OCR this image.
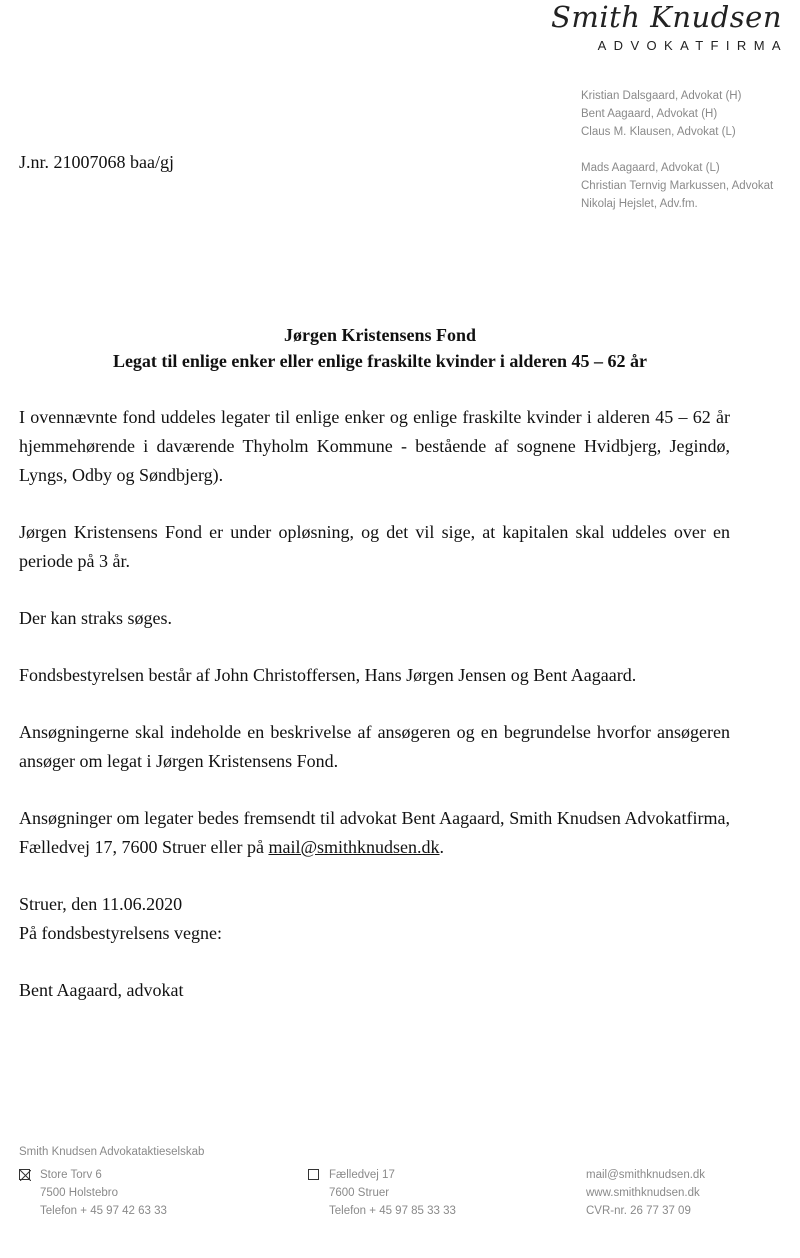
Smith Knudsen
ADVOKATFIRMA
Kristian Dalsgaard, Advokat (H)
Bent Aagaard, Advokat (H)
Claus M. Klausen, Advokat (L)
Mads Aagaard, Advokat (L)
Christian Ternvig Markussen, Advokat
Nikolaj Hejslet, Adv.fm.
J.nr. 21007068 baa/gj
Jørgen Kristensens Fond
Legat til enlige enker eller enlige fraskilte kvinder i alderen 45 – 62 år

I ovennævnte fond uddeles legater til enlige enker og enlige fraskilte kvinder i alderen 45 – 62 år hjemmehørende i daværende Thyholm Kommune - bestående af sognene Hvidbjerg, Jegindø, Lyngs, Odby og Søndbjerg).

Jørgen Kristensens Fond er under opløsning, og det vil sige, at kapitalen skal uddeles over en periode på 3 år.

Der kan straks søges.

Fondsbestyrelsen består af John Christoffersen, Hans Jørgen Jensen og Bent Aagaard.

Ansøgningerne skal indeholde en beskrivelse af ansøgeren og en begrundelse hvorfor ansøgeren ansøger om legat i Jørgen Kristensens Fond.

Ansøgninger om legater bedes fremsendt til advokat Bent Aagaard, Smith Knudsen Advokatfirma, Fælledvej 17, 7600 Struer eller på mail@smithknudsen.dk.

Struer, den 11.06.2020
På fondsbestyrelsens vegne:

Bent Aagaard, advokat

Smith Knudsen Advokataktieselskab
Store Torv 6
7500 Holstebro
Telefon + 45 97 42 63 33
Fælledvej 17
7600 Struer
Telefon + 45 97 85 33 33
mail@smithknudsen.dk
www.smithknudsen.dk
CVR-nr. 26 77 37 09
